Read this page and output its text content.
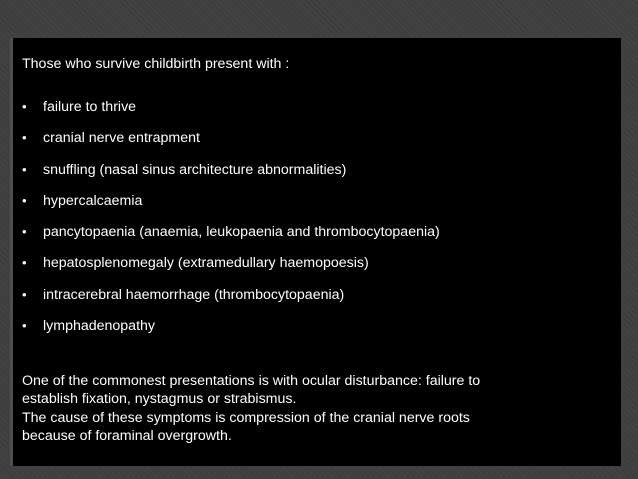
Those who survive childbirth present with :

•	failure to thrive
•	cranial nerve entrapment
•	snuffling (nasal sinus architecture abnormalities)
•	hypercalcaemia
•	pancytopaenia (anaemia, leukopaenia and thrombocytopaenia)
•	hepatosplenomegaly (extramedullary haemopoesis)
•	intracerebral haemorrhage (thrombocytopaenia)
•	lymphadenopathy

One of the commonest presentations is with ocular disturbance: failure to
establish fixation, nystagmus or strabismus.
The cause of these symptoms is compression of the cranial nerve roots
because of foraminal overgrowth.
